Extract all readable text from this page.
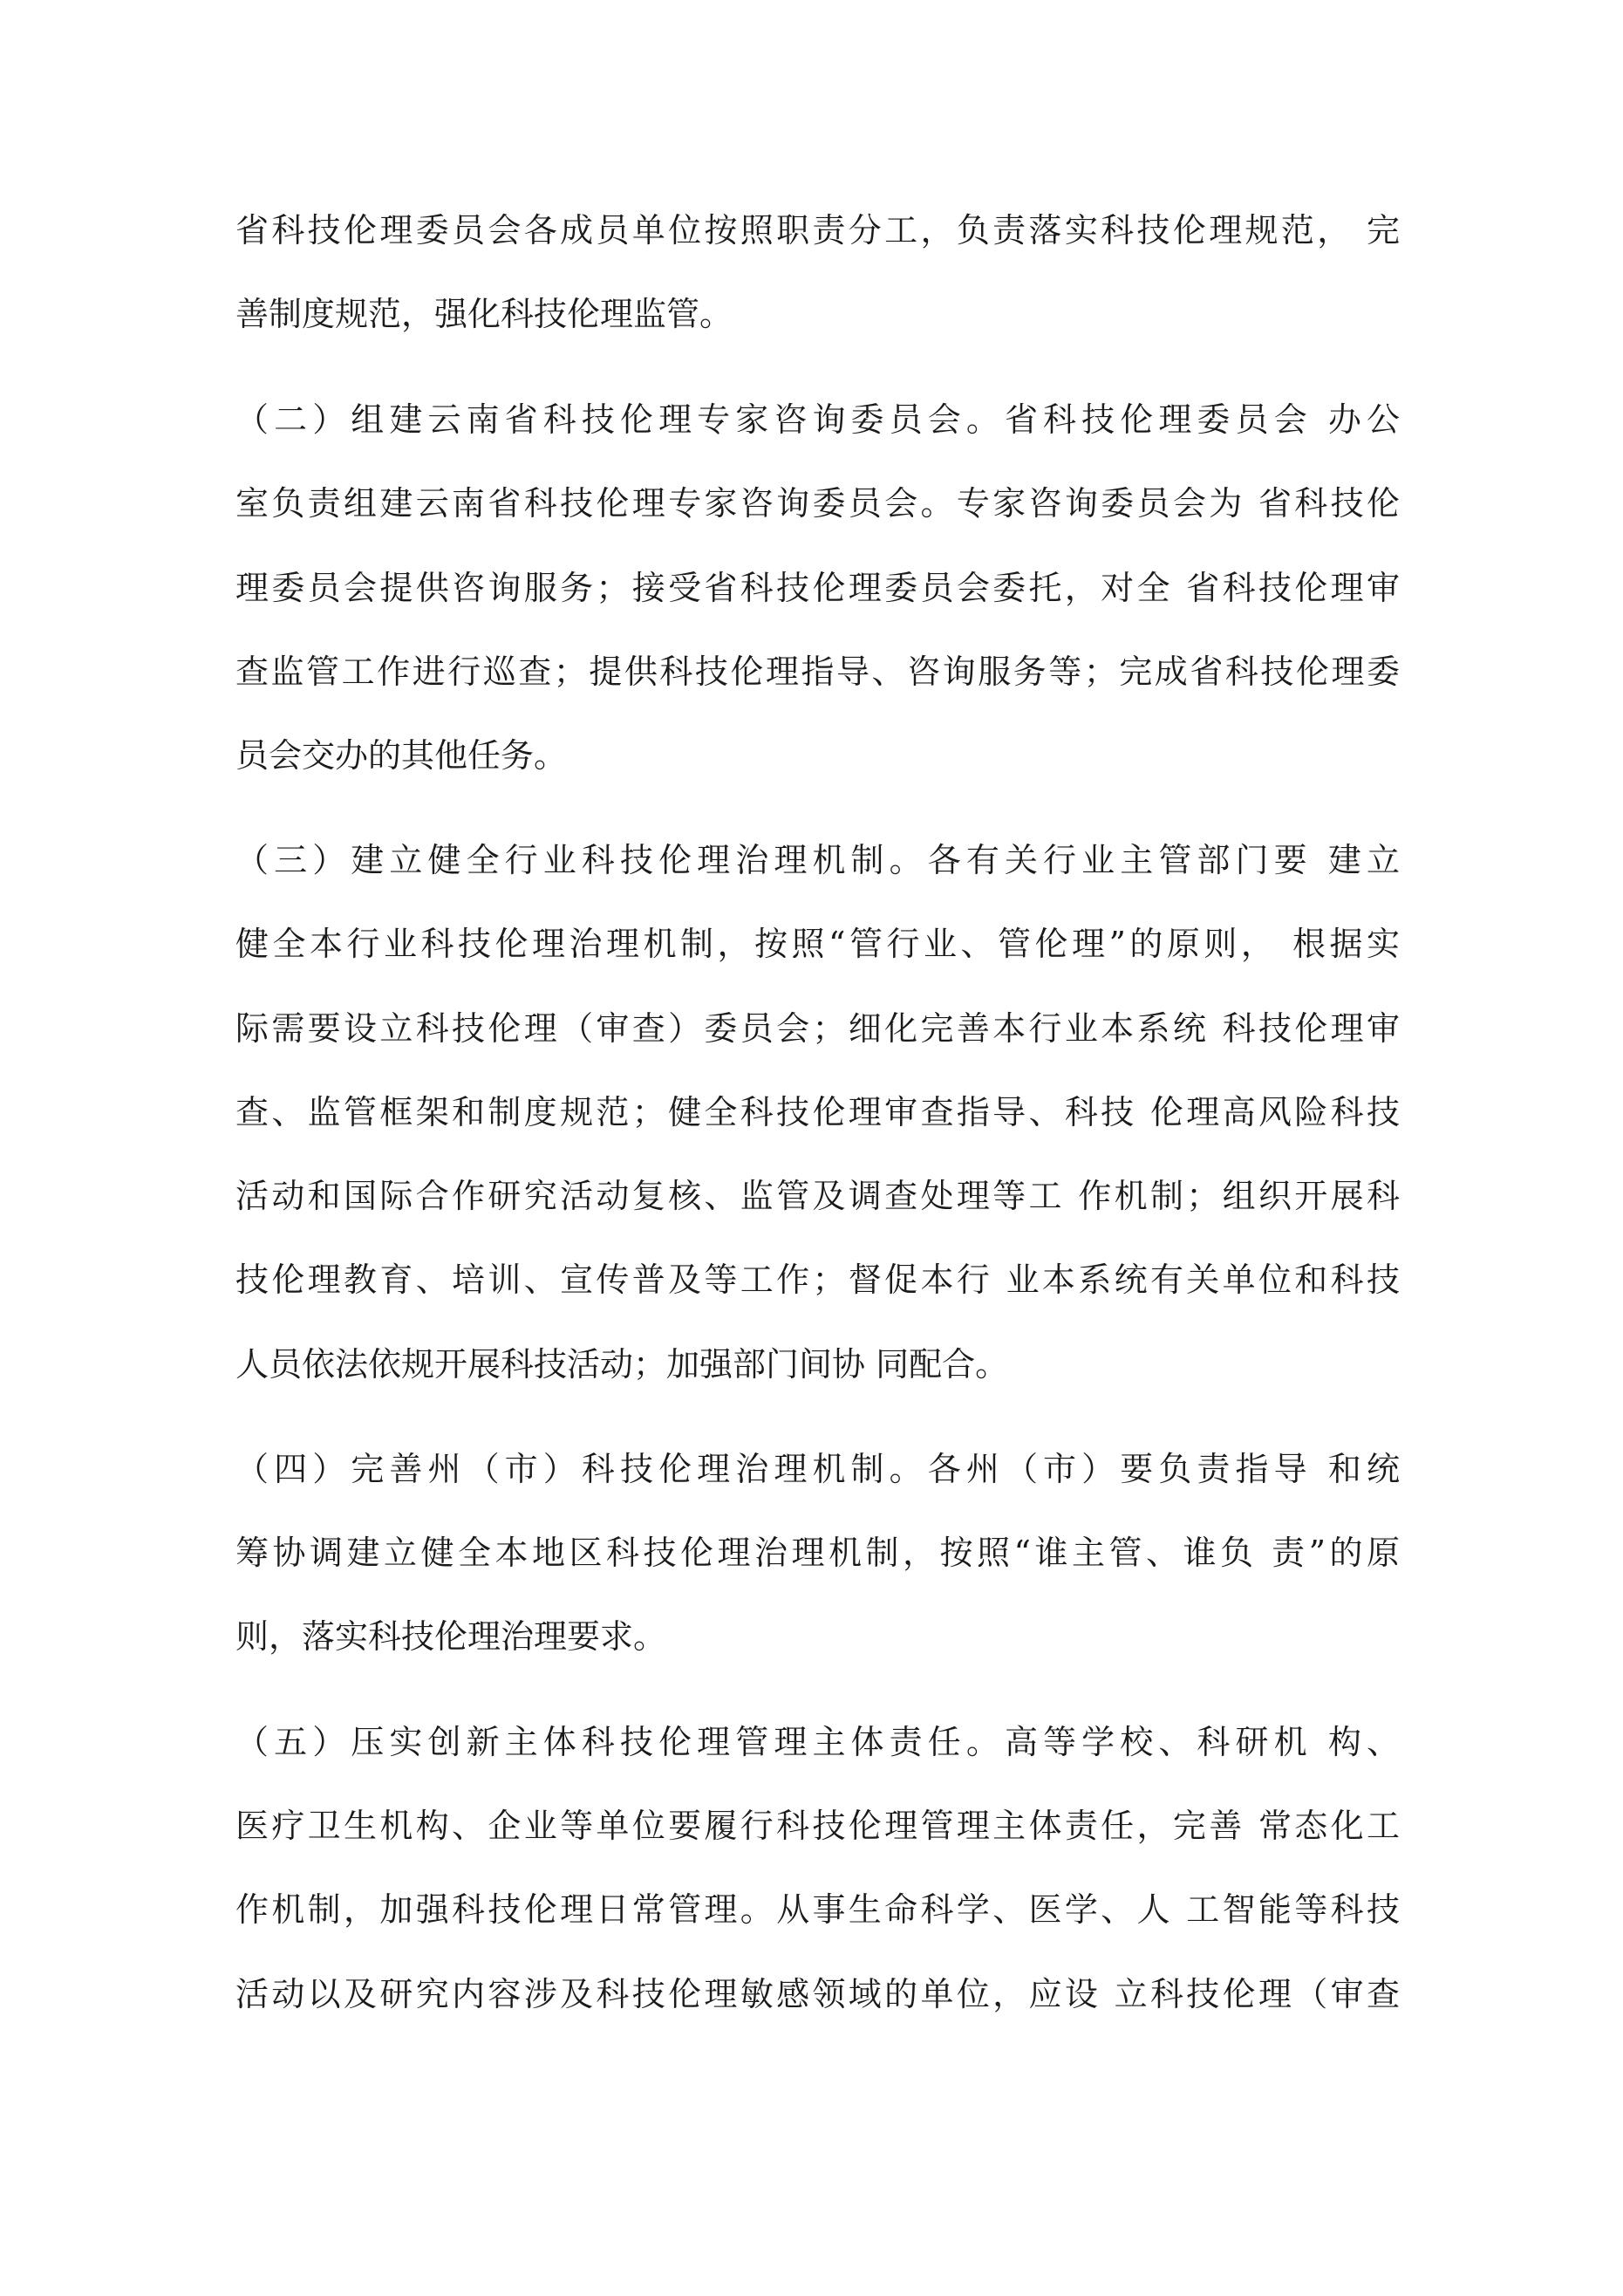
省科技伦理委员会各成员单位按照职责分工，负责落实科技伦理规范， 完
善制度规范，强化科技伦理监管。
（二）组建云南省科技伦理专家咨询委员会。省科技伦理委员会 办公
室负责组建云南省科技伦理专家咨询委员会。专家咨询委员会为 省科技伦
理委员会提供咨询服务；接受省科技伦理委员会委托，对全 省科技伦理审
查监管工作进行巡查；提供科技伦理指导、咨询服务等；完成省科技伦理委
员会交办的其他任务。
（三）建立健全行业科技伦理治理机制。各有关行业主管部门要 建立
健全本行业科技伦理治理机制，按照“管行业、管伦理”的原则， 根据实
际需要设立科技伦理（审查）委员会；细化完善本行业本系统 科技伦理审
查、监管框架和制度规范；健全科技伦理审查指导、科技 伦理高风险科技
活动和国际合作研究活动复核、监管及调查处理等工 作机制；组织开展科
技伦理教育、培训、宣传普及等工作；督促本行 业本系统有关单位和科技
人员依法依规开展科技活动；加强部门间协 同配合。
（四）完善州（市）科技伦理治理机制。各州（市）要负责指导 和统
筹协调建立健全本地区科技伦理治理机制，按照“谁主管、谁负 责”的原
则，落实科技伦理治理要求。
（五）压实创新主体科技伦理管理主体责任。高等学校、科研机 构、
医疗卫生机构、企业等单位要履行科技伦理管理主体责任，完善 常态化工
作机制，加强科技伦理日常管理。从事生命科学、医学、人 工智能等科技
活动以及研究内容涉及科技伦理敏感领域的单位，应设 立科技伦理（审查
